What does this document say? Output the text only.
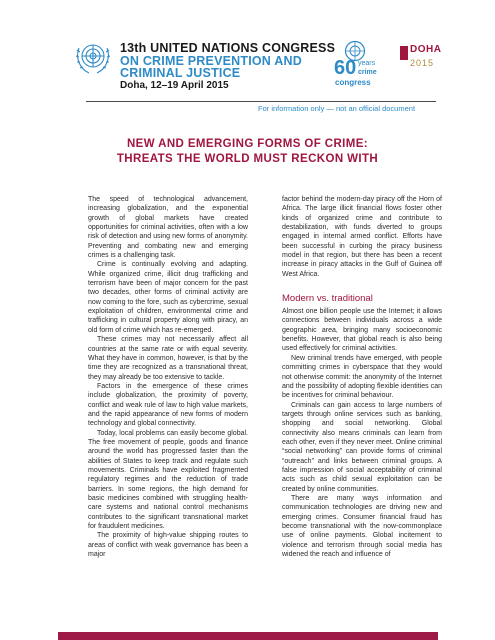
13th UNITED NATIONS CONGRESS
ON CRIME PREVENTION AND
CRIMINAL JUSTICE
Doha, 12–19 April 2015
60 years
crime
congress
DOHA
2015
For information only — not an official document
NEW AND EMERGING FORMS OF CRIME:
THREATS THE WORLD MUST RECKON WITH

The speed of technological advancement, increasing globalization, and the exponential growth of global markets have created opportunities for criminal activities, often with a low risk of detection and using new forms of anonymity. Preventing and combating new and emerging crimes is a challenging task.

Crime is continually evolving and adapting. While organized crime, illicit drug trafficking and terrorism have been of major concern for the past two decades, other forms of criminal activity are now coming to the fore, such as cybercrime, sexual exploitation of children, environmental crime and trafficking in cultural property along with piracy, an old form of crime which has re-emerged.

These crimes may not necessarily affect all countries at the same rate or with equal severity. What they have in common, however, is that by the time they are recognized as a transnational threat, they may already be too extensive to tackle.

Factors in the emergence of these crimes include globalization, the proximity of poverty, conflict and weak rule of law to high value markets, and the rapid appearance of new forms of modern technology and global connectivity.

Today, local problems can easily become global. The free movement of people, goods and finance around the world has progressed faster than the abilities of States to keep track and regulate such movements. Criminals have exploited fragmented regulatory regimes and the reduction of trade barriers. In some regions, the high demand for basic medicines combined with struggling health-care systems and national control mechanisms contributes to the significant transnational market for fraudulent medicines.

The proximity of high-value shipping routes to areas of conflict with weak governance has been a major

factor behind the modern-day piracy off the Horn of Africa. The large illicit financial flows foster other kinds of organized crime and contribute to destabilization, with funds diverted to groups engaged in internal armed conflict. Efforts have been successful in curbing the piracy business model in that region, but there has been a recent increase in piracy attacks in the Gulf of Guinea off West Africa.

Modern vs. traditional

Almost one billion people use the Internet; it allows connections between individuals across a wide geographic area, bringing many socioeconomic benefits. However, that global reach is also being used effectively for criminal activities.

New criminal trends have emerged, with people committing crimes in cyberspace that they would not otherwise commit: the anonymity of the Internet and the possibility of adopting flexible identities can be incentives for criminal behaviour.

Criminals can gain access to large numbers of targets through online services such as banking, shopping and social networking. Global connectivity also means criminals can learn from each other, even if they never meet. Online criminal “social networking” can provide forms of criminal “outreach” and links between criminal groups. A false impression of social acceptability of criminal acts such as child sexual exploitation can be created by online communities.

There are many ways information and communication technologies are driving new and emerging crimes. Consumer financial fraud has become transnational with the now-commonplace use of online payments. Global incitement to violence and terrorism through social media has widened the reach and influence of
